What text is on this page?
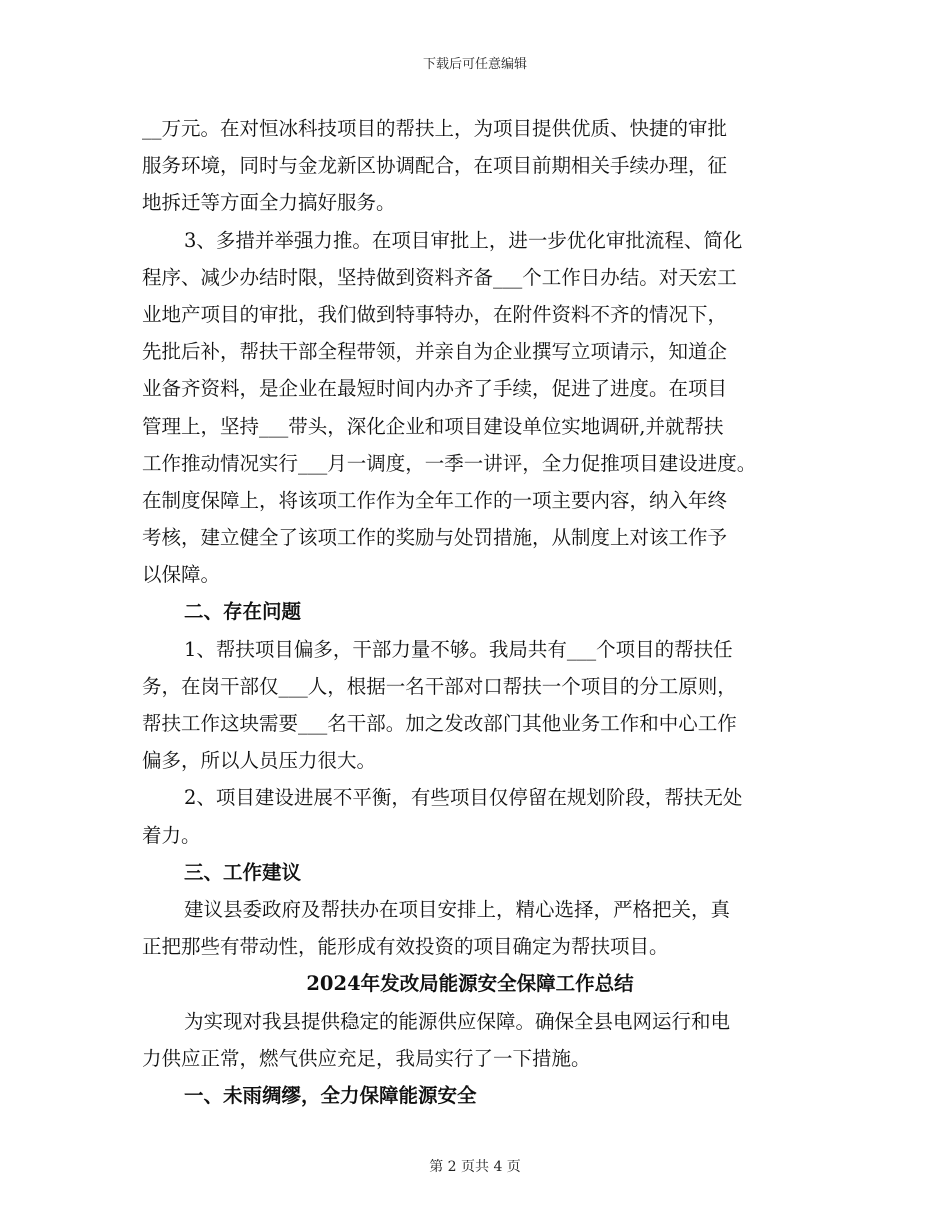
下载后可任意编辑
__万元。在对恒冰科技项目的帮扶上，为项目提供优质、快捷的审批
服务环境，同时与金龙新区协调配合，在项目前期相关手续办理，征
地拆迁等方面全力搞好服务。
3、多措并举强力推。在项目审批上，进一步优化审批流程、简化
程序、减少办结时限，坚持做到资料齐备___个工作日办结。对天宏工
业地产项目的审批，我们做到特事特办，在附件资料不齐的情况下，
先批后补，帮扶干部全程带领，并亲自为企业撰写立项请示，知道企
业备齐资料，是企业在最短时间内办齐了手续，促进了进度。在项目
管理上，坚持___带头，深化企业和项目建设单位实地调研,并就帮扶
工作推动情况实行___月一调度，一季一讲评，全力促推项目建设进度。
在制度保障上，将该项工作作为全年工作的一项主要内容，纳入年终
考核，建立健全了该项工作的奖励与处罚措施，从制度上对该工作予
以保障。
二、存在问题
1、帮扶项目偏多，干部力量不够。我局共有___个项目的帮扶任
务，在岗干部仅___人，根据一名干部对口帮扶一个项目的分工原则，
帮扶工作这块需要___名干部。加之发改部门其他业务工作和中心工作
偏多，所以人员压力很大。
2、项目建设进展不平衡，有些项目仅停留在规划阶段，帮扶无处
着力。
三、工作建议
建议县委政府及帮扶办在项目安排上，精心选择，严格把关，真
正把那些有带动性，能形成有效投资的项目确定为帮扶项目。
2024年发改局能源安全保障工作总结
为实现对我县提供稳定的能源供应保障。确保全县电网运行和电
力供应正常，燃气供应充足，我局实行了一下措施。
一、未雨绸缪，全力保障能源安全
第 2 页共 4 页
